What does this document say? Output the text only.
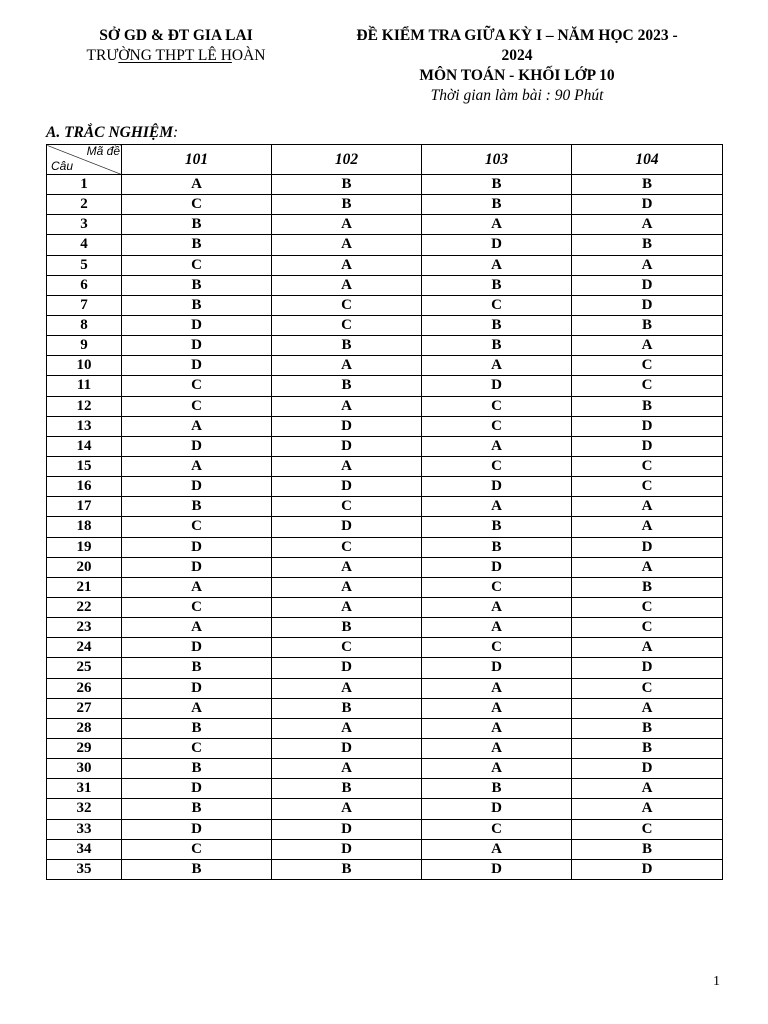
SỞ GD & ĐT GIA LAI
TRƯỜNG THPT LÊ HOÀN
ĐỀ KIỂM TRA GIỮA KỲ I – NĂM HỌC 2023 -
2024
MÔN TOÁN - KHỐI LỚP 10
Thời gian làm bài : 90 Phút
A. TRẮC NGHIỆM:
Mã đề
Câu	101	102	103	104
1	A	B	B	B
2	C	B	B	D
3	B	A	A	A
4	B	A	D	B
5	C	A	A	A
6	B	A	B	D
7	B	C	C	D
8	D	C	B	B
9	D	B	B	A
10	D	A	A	C
11	C	B	D	C
12	C	A	C	B
13	A	D	C	D
14	D	D	A	D
15	A	A	C	C
16	D	D	D	C
17	B	C	A	A
18	C	D	B	A
19	D	C	B	D
20	D	A	D	A
21	A	A	C	B
22	C	A	A	C
23	A	B	A	C
24	D	C	C	A
25	B	D	D	D
26	D	A	A	C
27	A	B	A	A
28	B	A	A	B
29	C	D	A	B
30	B	A	A	D
31	D	B	B	A
32	B	A	D	A
33	D	D	C	C
34	C	D	A	B
35	B	B	D	D
1
